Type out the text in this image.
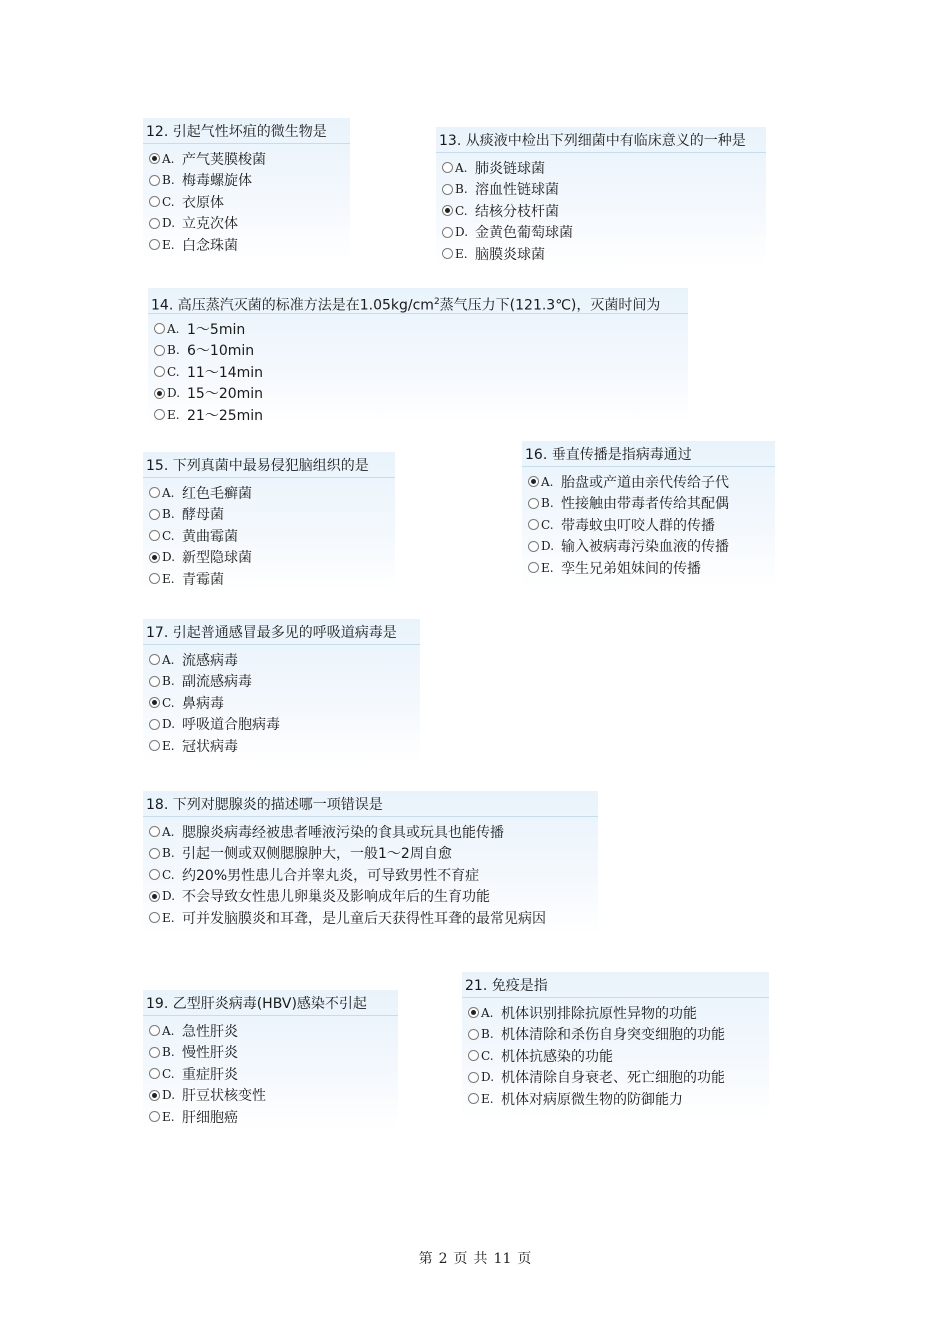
12. 引起气性坏疽的微生物是
A. 产气荚膜梭菌
B. 梅毒螺旋体
C. 衣原体
D. 立克次体
E. 白念珠菌
13. 从痰液中检出下列细菌中有临床意义的一种是
A. 肺炎链球菌
B. 溶血性链球菌
C. 结核分枝杆菌
D. 金黄色葡萄球菌
E. 脑膜炎球菌
14. 高压蒸汽灭菌的标准方法是在$1.05kg/cm^2$蒸气压力下(121.3℃)，灭菌时间为
A. 1～5min
B. 6～10min
C. 11～14min
D. 15～20min
E. 21～25min
15. 下列真菌中最易侵犯脑组织的是
A. 红色毛癣菌
B. 酵母菌
C. 黄曲霉菌
D. 新型隐球菌
E. 青霉菌
16. 垂直传播是指病毒通过
A. 胎盘或产道由亲代传给子代
B. 性接触由带毒者传给其配偶
C. 带毒蚊虫叮咬人群的传播
D. 输入被病毒污染血液的传播
E. 孪生兄弟姐妹间的传播
17. 引起普通感冒最多见的呼吸道病毒是
A. 流感病毒
B. 副流感病毒
C. 鼻病毒
D. 呼吸道合胞病毒
E. 冠状病毒
18. 下列对腮腺炎的描述哪一项错误是
A. 腮腺炎病毒经被患者唾液污染的食具或玩具也能传播
B. 引起一侧或双侧腮腺肿大，一般1～2周自愈
C. 约20%男性患儿合并睾丸炎，可导致男性不育症
D. 不会导致女性患儿卵巢炎及影响成年后的生育功能
E. 可并发脑膜炎和耳聋，是儿童后天获得性耳聋的最常见病因
19. 乙型肝炎病毒(HBV)感染不引起
A. 急性肝炎
B. 慢性肝炎
C. 重症肝炎
D. 肝豆状核变性
E. 肝细胞癌
21. 免疫是指
A. 机体识别排除抗原性异物的功能
B. 机体清除和杀伤自身突变细胞的功能
C. 机体抗感染的功能
D. 机体清除自身衰老、死亡细胞的功能
E. 机体对病原微生物的防御能力
第 2 页 共 11 页
